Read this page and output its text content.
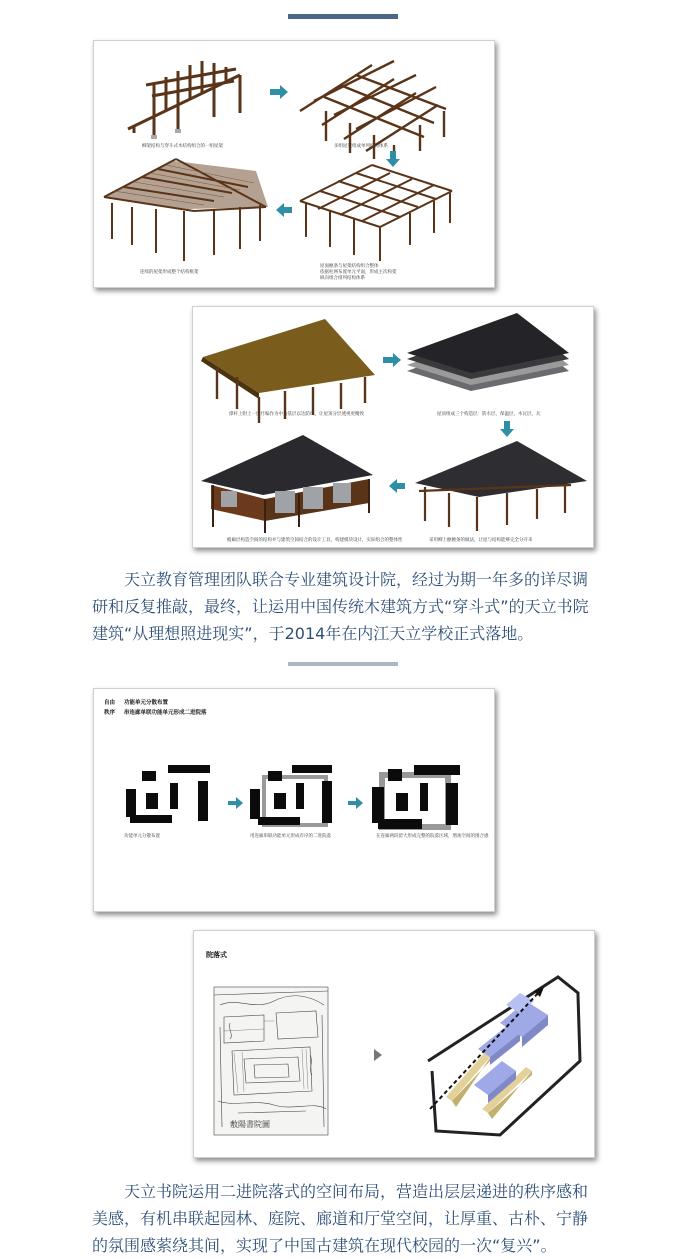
柳架结构与穿斗式木结构组合的一组屋架	多组屋架组成单列结构体系
连续的屋架形成整个结构框架
屋面檩条与屋架结构组合整体
依据柱网布置单元平面，形成主次构架
纵向组合排列结构体系
撑杆上附上一层竹编作为中为基层以达防风，让屋顶分层透视更精致	屋顶组成三个构造层：防水层、保温层、木瓦层、瓦
檐廊层构造空间的结构并与建筑空间结合的设计工具，构建模块设计，实际组合的整体性	采用柳上檩檩条的做法，让屋与结构能够完全分开来

天立教育管理团队联合专业建筑设计院，经过为期一年多的详尽调研和反复推敲，最终，让运用中国传统木建筑方式“穿斗式”的天立书院建筑“从理想照进现实”，于2014年在内江天立学校正式落地。

自由 功能单元分散布置
秩序 串连廊单联功能单元形成二进院落
功能单元分散布置	用连廊串联功能单元形成有序的二进院落	在连廊两段留大形成完整的院落区域，增加空间的围合感
院落式
敷陽書院圖

天立书院运用二进院落式的空间布局，营造出层层递进的秩序感和美感，有机串联起园林、庭院、廊道和厅堂空间，让厚重、古朴、宁静的氛围感萦绕其间，实现了中国古建筑在现代校园的一次“复兴”。
